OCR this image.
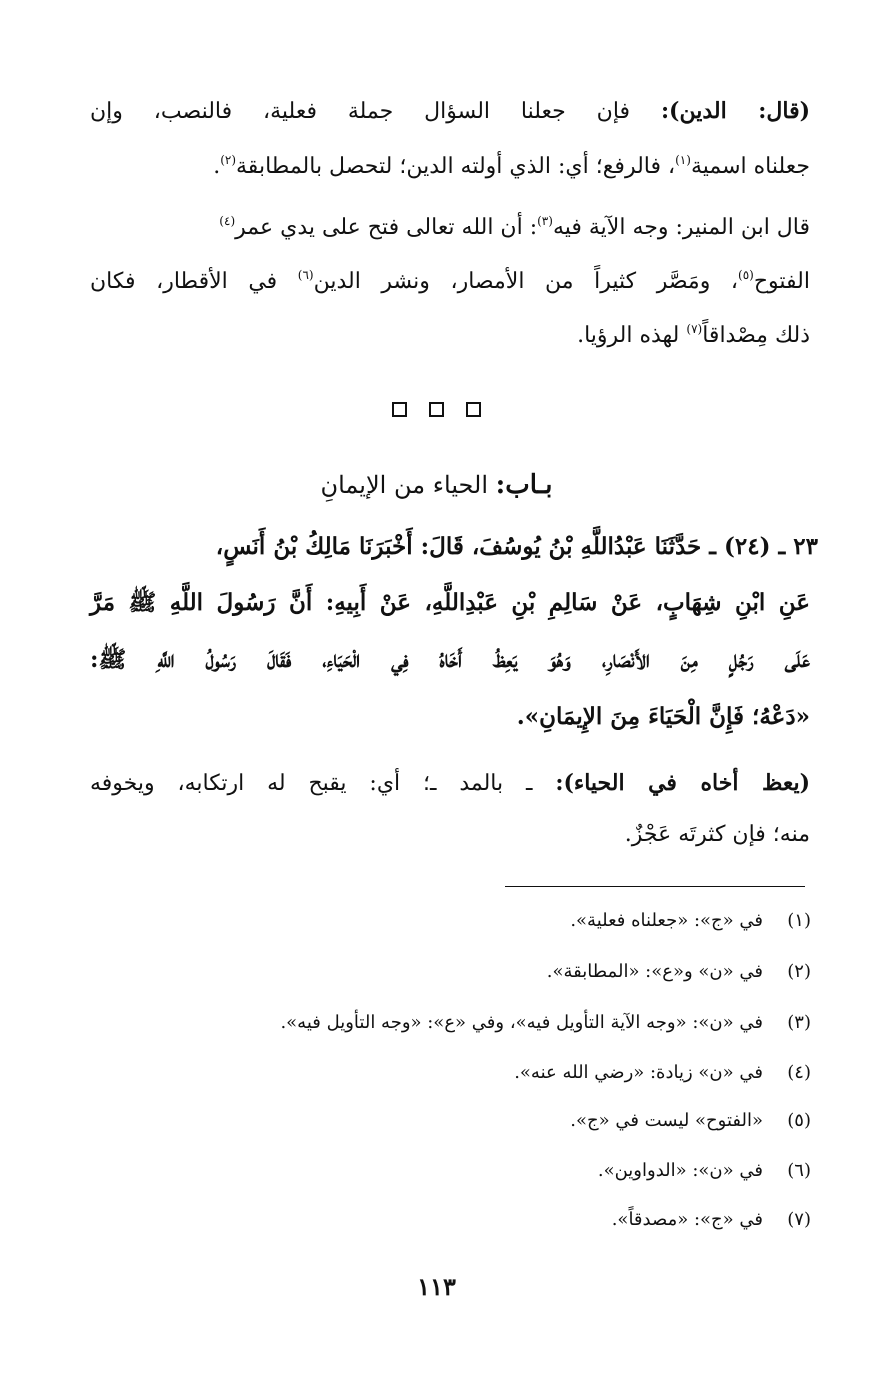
(قال: الدين): فإن جعلنا السؤال جملة فعلية، فالنصب، وإن
جعلناه اسمية$^{(١)}$، فالرفع؛ أي: الذي أولته الدين؛ لتحصل بالمطابقة$^{(٢)}$.
قال ابن المنير: وجه الآية فيه$^{(٣)}$: أن الله تعالى فتح على يدي عمر$^{(٤)}$
الفتوح$^{(٥)}$، ومَصَّر كثيراً من الأمصار، ونشر الدين$^{(٦)}$ في الأقطار، فكان
ذلك مِصْداقاً$^{(٧)}$ لهذه الرؤيا.
بـاب: الحياء من الإيمانِ
٢٣ ـ (٢٤) ـ حَدَّثَنَا عَبْدُاللَّهِ بْنُ يُوسُفَ، قَالَ: أَخْبَرَنَا مَالِكُ بْنُ أَنَسٍ،
عَنِ ابْنِ شِهَابٍ، عَنْ سَالِمِ بْنِ عَبْدِاللَّهِ، عَنْ أَبِيهِ: أَنَّ رَسُولَ اللَّهِ ﷺ مَرَّ
عَلَى رَجُلٍ مِنَ الأَنْصَارِ، وَهُوَ يَعِظُ أَخَاهُ فِي الْحَيَاءِ، فَقَالَ رَسُولُ اللَّهِ ﷺ:
«دَعْهُ؛ فَإِنَّ الْحَيَاءَ مِنَ الإِيمَانِ».
(يعظ أخاه في الحياء): ـ بالمد ـ؛ أي: يقبح له ارتكابه، ويخوفه
منه؛ فإن كثرتَه عَجْزٌ.
(١)في «ج»: «جعلناه فعلية».
(٢)في «ن» و«ع»: «المطابقة».
(٣)في «ن»: «وجه الآية التأويل فيه»، وفي «ع»: «وجه التأويل فيه».
(٤)في «ن» زيادة: «رضي الله عنه».
(٥)«الفتوح» ليست في «ج».
(٦)في «ن»: «الدواوين».
(٧)في «ج»: «مصدقاً».
١١٣
